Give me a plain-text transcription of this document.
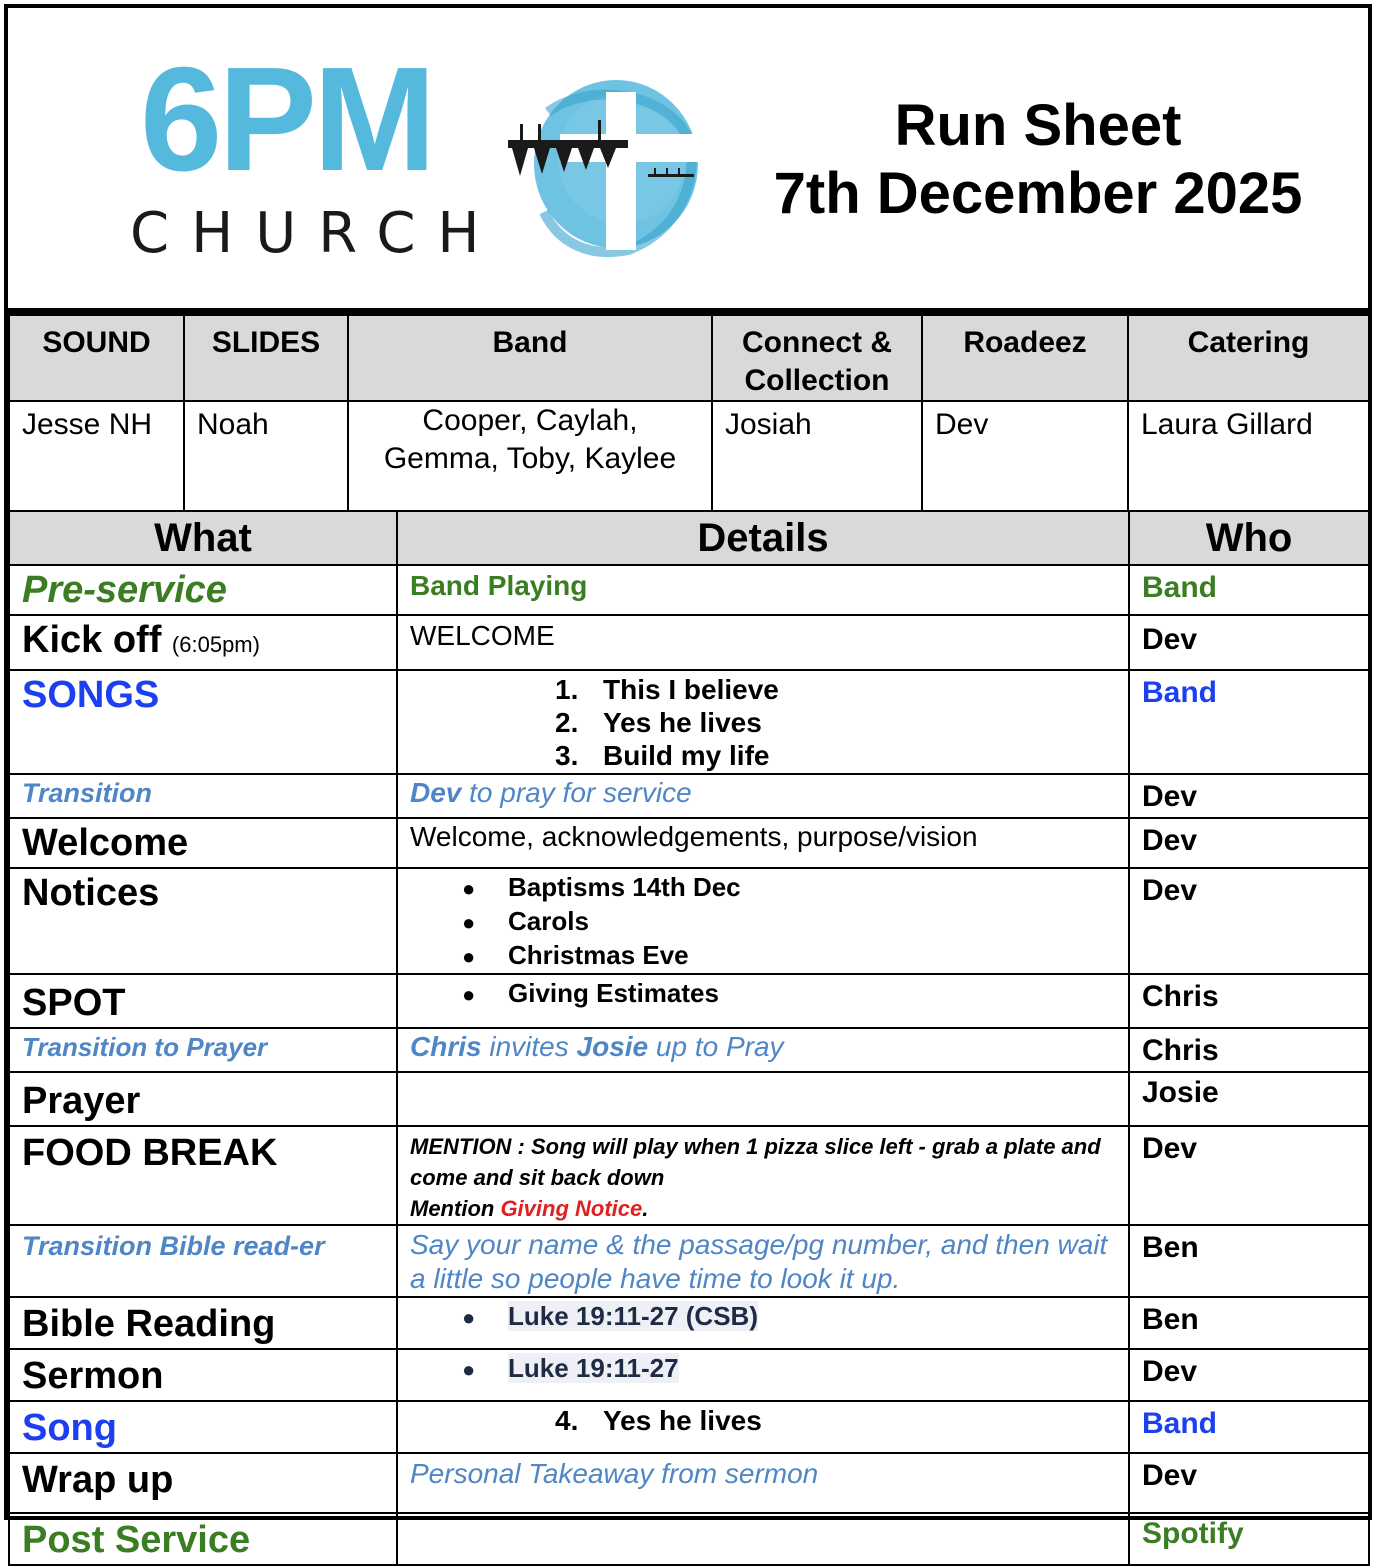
6PM
CHURCH
Run Sheet
7th December 2025
SOUND	SLIDES	Band	Connect & Collection	Roadeez	Catering
Jesse NH	Noah	Cooper, Caylah, Gemma, Toby, Kaylee	Josiah	Dev	Laura Gillard
What	Details	Who

Pre-service	Band Playing	Band

Kick off (6:05pm)	WELCOME	Dev

SONGS	1. This I believe
2. Yes he lives
3. Build my life	Band

Transition	Dev to pray for service	Dev

Welcome	Welcome, acknowledgements, purpose/vision	Dev

Notices	● Baptisms 14th Dec
● Carols
● Christmas Eve	Dev

SPOT	● Giving Estimates	Chris

Transition to Prayer	Chris invites Josie up to Pray	Chris

Prayer		Josie

FOOD BREAK	MENTION : Song will play when 1 pizza slice left - grab a plate and come and sit back down
Mention Giving Notice.	Dev

Transition Bible read-er	Say your name & the passage/pg number, and then wait a little so people have time to look it up.	Ben

Bible Reading	● Luke 19:11-27 (CSB)	Ben

Sermon	● Luke 19:11-27	Dev

Song	4. Yes he lives	Band

Wrap up	Personal Takeaway from sermon	Dev

Post Service		Spotify
